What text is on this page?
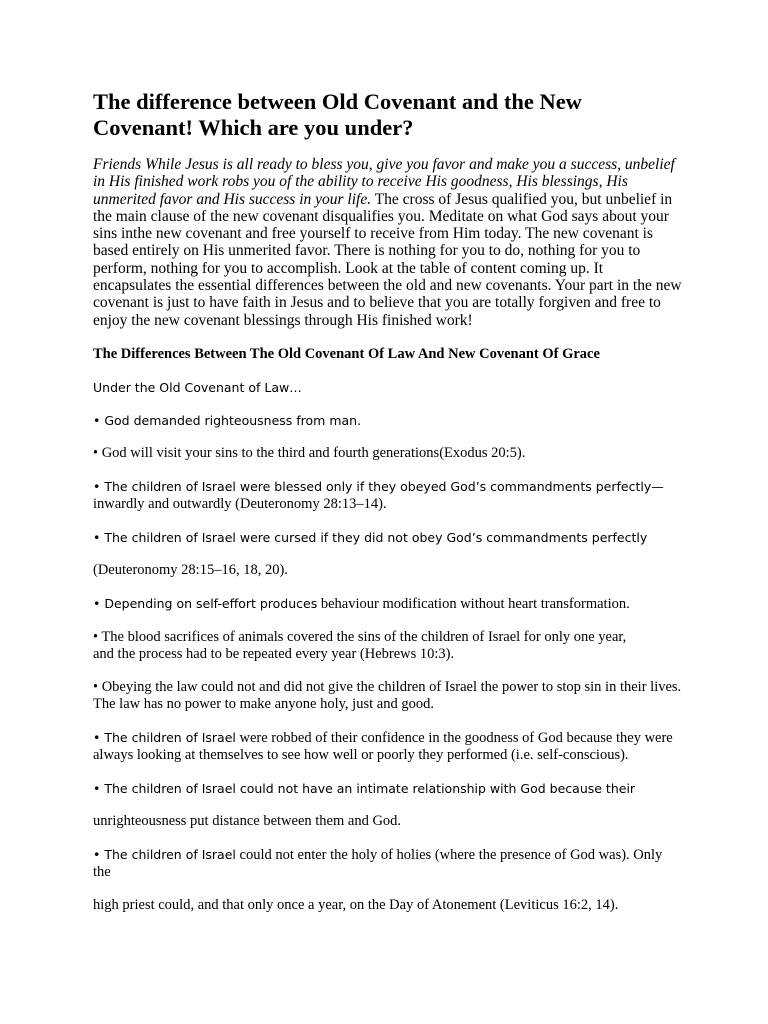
The difference between Old Covenant and the New Covenant! Which are you under?

Friends While Jesus is all ready to bless you, give you favor and make you a success, unbelief in His finished work robs you of the ability to receive His goodness, His blessings, His unmerited favor and His success in your life. The cross of Jesus qualified you, but unbelief in the main clause of the new covenant disqualifies you. Meditate on what God says about your sins inthe new covenant and free yourself to receive from Him today. The new covenant is based entirely on His unmerited favor. There is nothing for you to do, nothing for you to perform, nothing for you to accomplish. Look at the table of content coming up. It encapsulates the essential differences between the old and new covenants. Your part in the new covenant is just to have faith in Jesus and to believe that you are totally forgiven and free to enjoy the new covenant blessings through His finished work!

The Differences Between The Old Covenant Of Law And New Covenant Of Grace

Under the Old Covenant of Law…

• God demanded righteousness from man.

• God will visit your sins to the third and fourth generations(Exodus 20:5).

• The children of Israel were blessed only if they obeyed God’s commandments perfectly—
inwardly and outwardly (Deuteronomy 28:13–14).

• The children of Israel were cursed if they did not obey God’s commandments perfectly

(Deuteronomy 28:15–16, 18, 20).

• Depending on self-effort produces behaviour modification without heart transformation.

• The blood sacrifices of animals covered the sins of the children of Israel for only one year,
and the process had to be repeated every year (Hebrews 10:3).

• Obeying the law could not and did not give the children of Israel the power to stop sin in their lives. The law has no power to make anyone holy, just and good.

• The children of Israel were robbed of their confidence in the goodness of God because they were always looking at themselves to see how well or poorly they performed (i.e. self-conscious).

• The children of Israel could not have an intimate relationship with God because their

unrighteousness put distance between them and God.

• The children of Israel could not enter the holy of holies (where the presence of God was). Only the

high priest could, and that only once a year, on the Day of Atonement (Leviticus 16:2, 14).
